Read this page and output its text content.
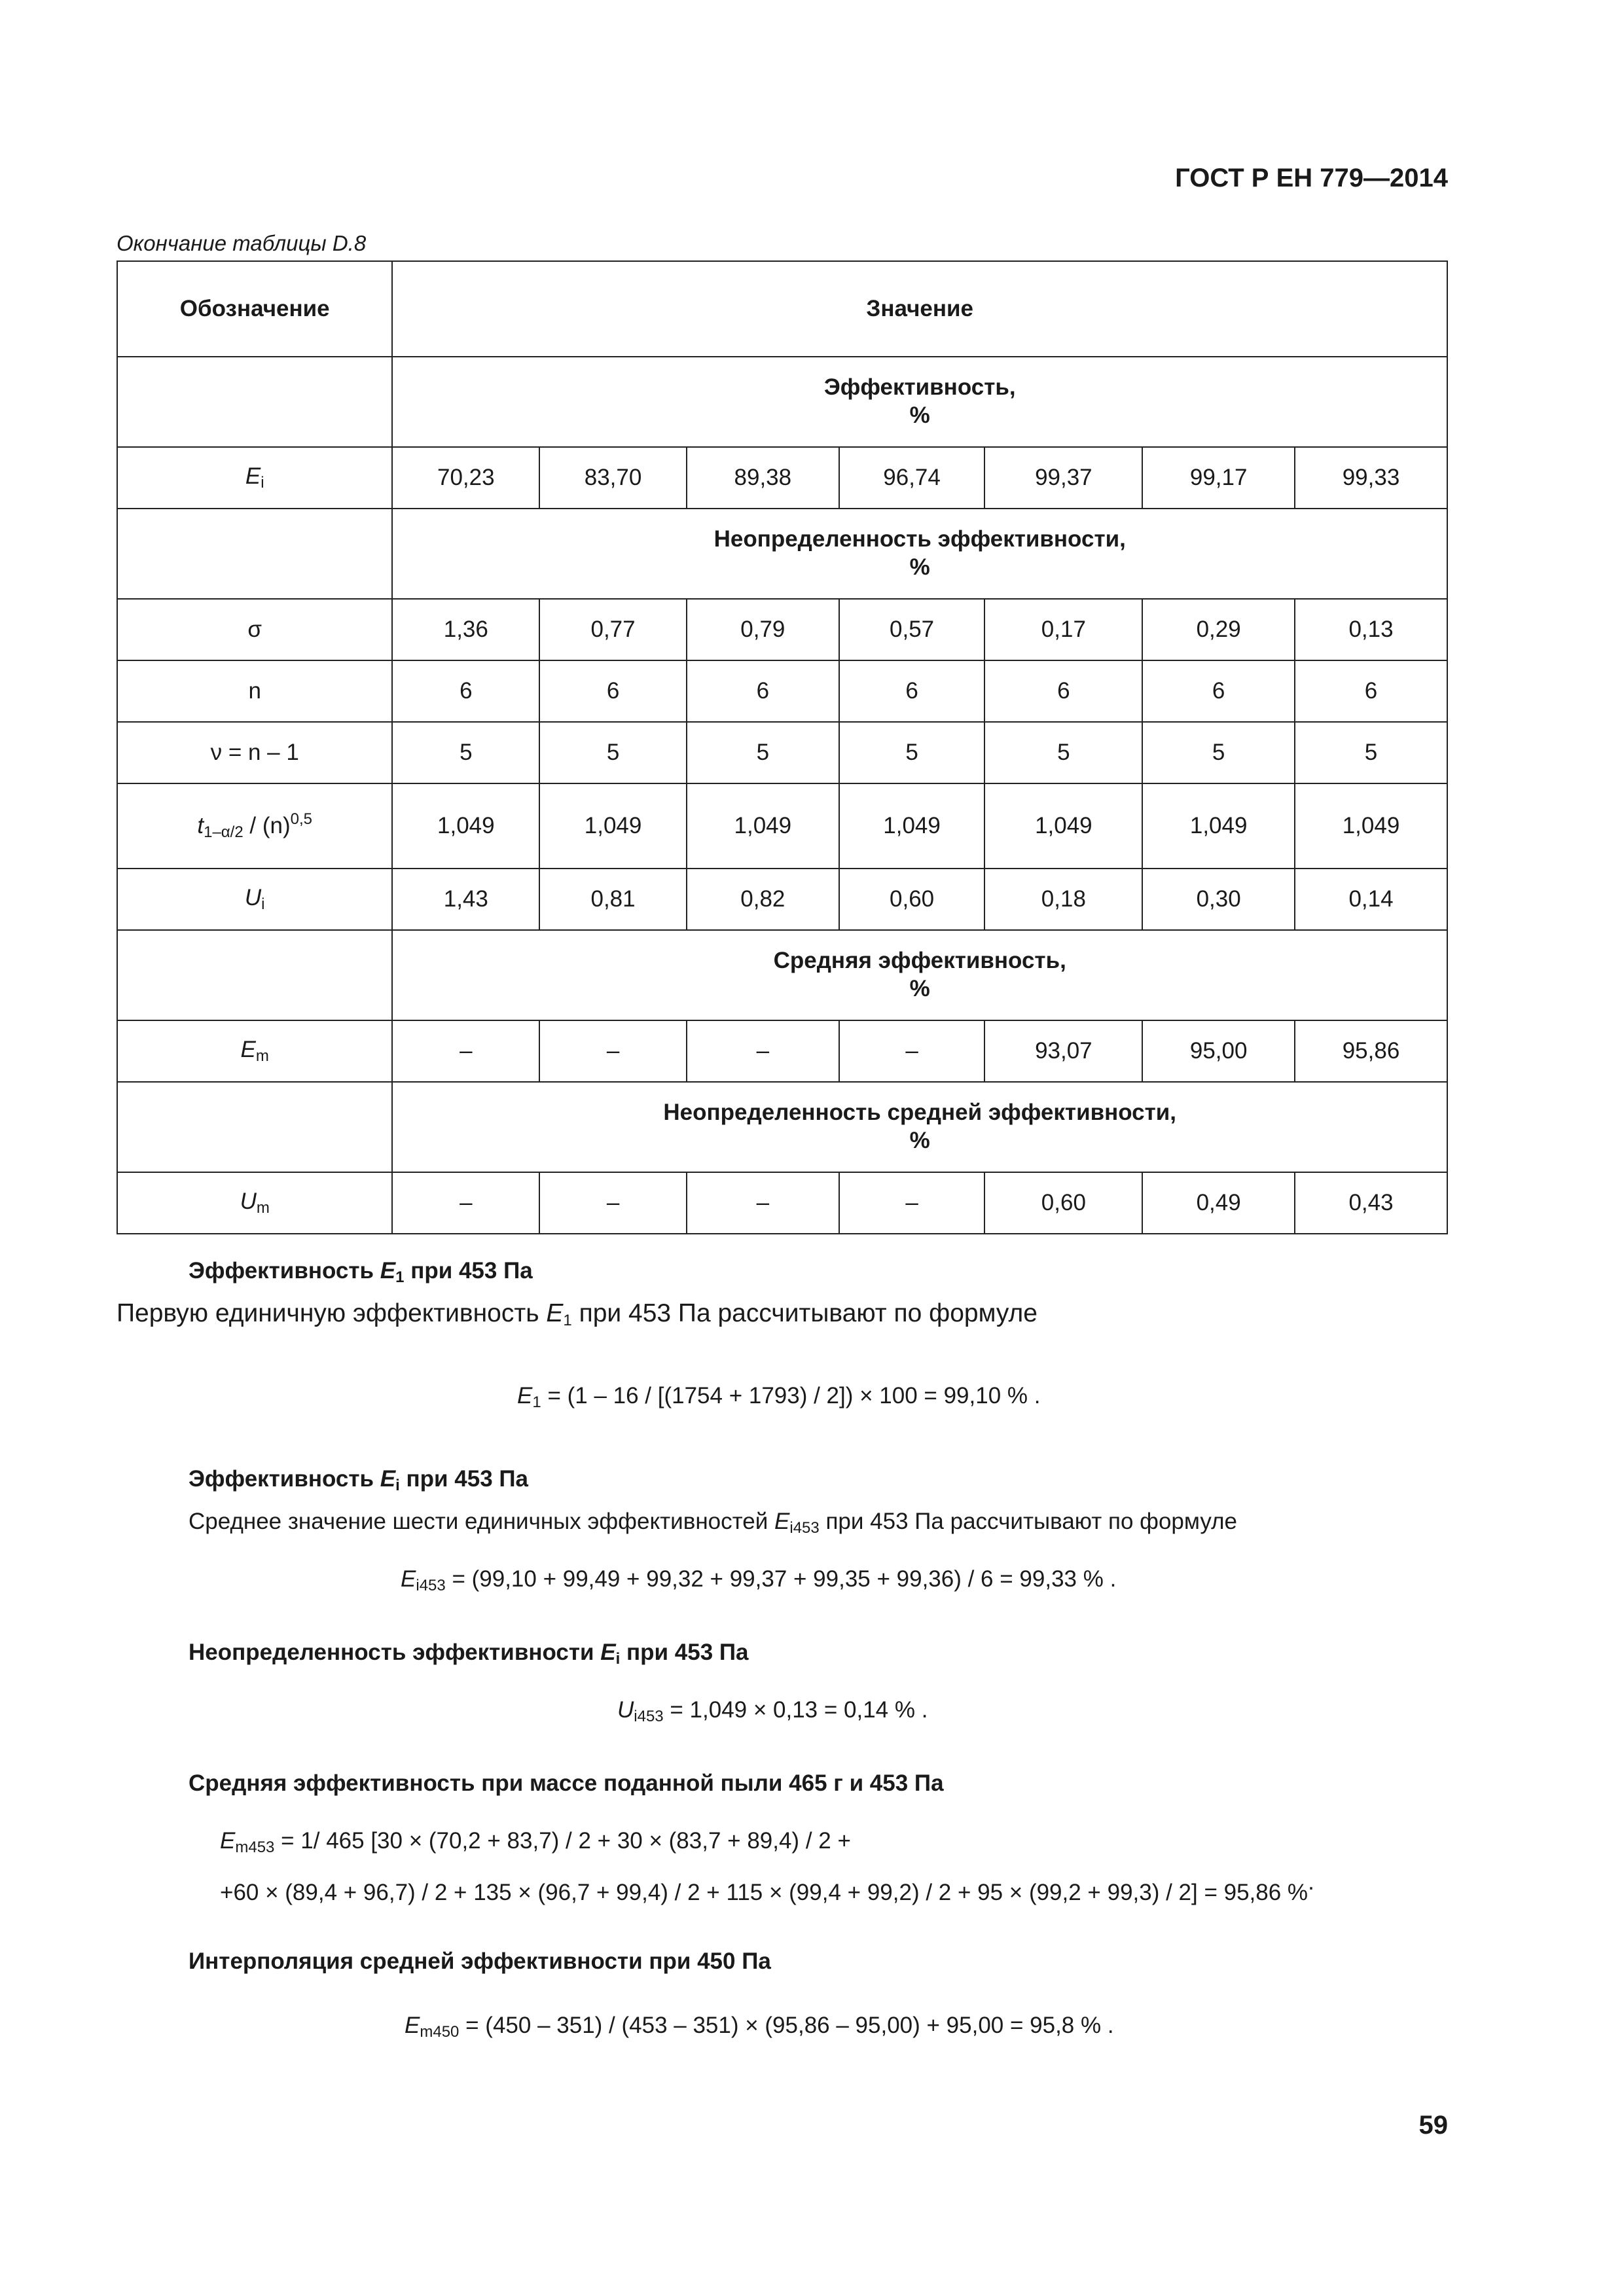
ГОСТ Р ЕН 779—2014
Окончание таблицы D.8
Обозначение	Значение						
	Эффективность,
%						
$E_i$	70,23	83,70	89,38	96,74	99,37	99,17	99,33
	Неопределенность эффективности,
%						
σ	1,36	0,77	0,79	0,57	0,17	0,29	0,13
n	6	6	6	6	6	6	6
ν = n – 1	5	5	5	5	5	5	5
$t_{1-\alpha/2} / (n)^{0,5}$	1,049	1,049	1,049	1,049	1,049	1,049	1,049
$U_i$	1,43	0,81	0,82	0,60	0,18	0,30	0,14
	Средняя эффективность,
%						
$E_m$	–	–	–	–	93,07	95,00	95,86
	Неопределенность средней эффективности,
%						
$U_m$	–	–	–	–	0,60	0,49	0,43
Эффективность $E_1$ при 453 Па
Первую единичную эффективность $E_1$ при 453 Па рассчитывают по формуле
$E_1 = (1 - 16 / [(1754 + 1793) / 2]) \times 100 = 99,10$ % .
Эффективность $E_i$ при 453 Па
Среднее значение шести единичных эффективностей $E_{i453}$ при 453 Па рассчитывают по формуле
$E_{i453} = (99,10 + 99,49 + 99,32 + 99,37 + 99,35 + 99,36) / 6 = 99,33$ % .
Неопределенность эффективности $E_i$ при 453 Па
$U_{i453} = 1,049 \times 0,13 = 0,14$ % .
Средняя эффективность при массе поданной пыли 465 г и 453 Па
$E_{m453} = 1/$ 465 [30 × (70,2 + 83,7) / 2 + 30 × (83,7 + 89,4) / 2 +
+60 × (89,4 + 96,7) / 2 + 135 × (96,7 + 99,4) / 2 + 115 × (99,4 + 99,2) / 2 + 95 × (99,2 + 99,3) / 2] = 95,86 %.
Интерполяция средней эффективности при 450 Па
$E_{m450} = (450 - 351) / (453 - 351) \times (95,86 - 95,00) + 95,00 = 95,8$ % .
59
